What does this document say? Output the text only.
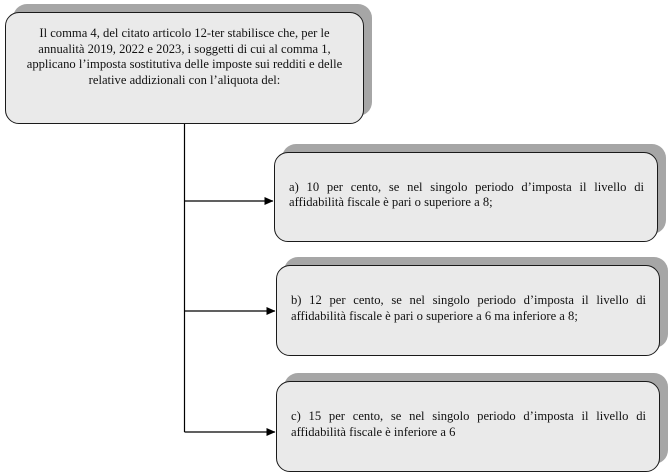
Il comma 4, del citato articolo 12-ter stabilisce che, per le annualità 2019, 2022 e 2023, i soggetti di cui al comma 1, applicano l’imposta sostitutiva delle imposte sui redditi e delle relative addizionali con l’aliquota del:
a) 10 per cento, se nel singolo periodo d’imposta il livello di affidabilità fiscale è pari o superiore a 8;
b) 12 per cento, se nel singolo periodo d’imposta il livello di affidabilità fiscale è pari o superiore a 6 ma inferiore a 8;
c) 15 per cento, se nel singolo periodo d’imposta il livello di affidabilità fiscale è inferiore a 6
